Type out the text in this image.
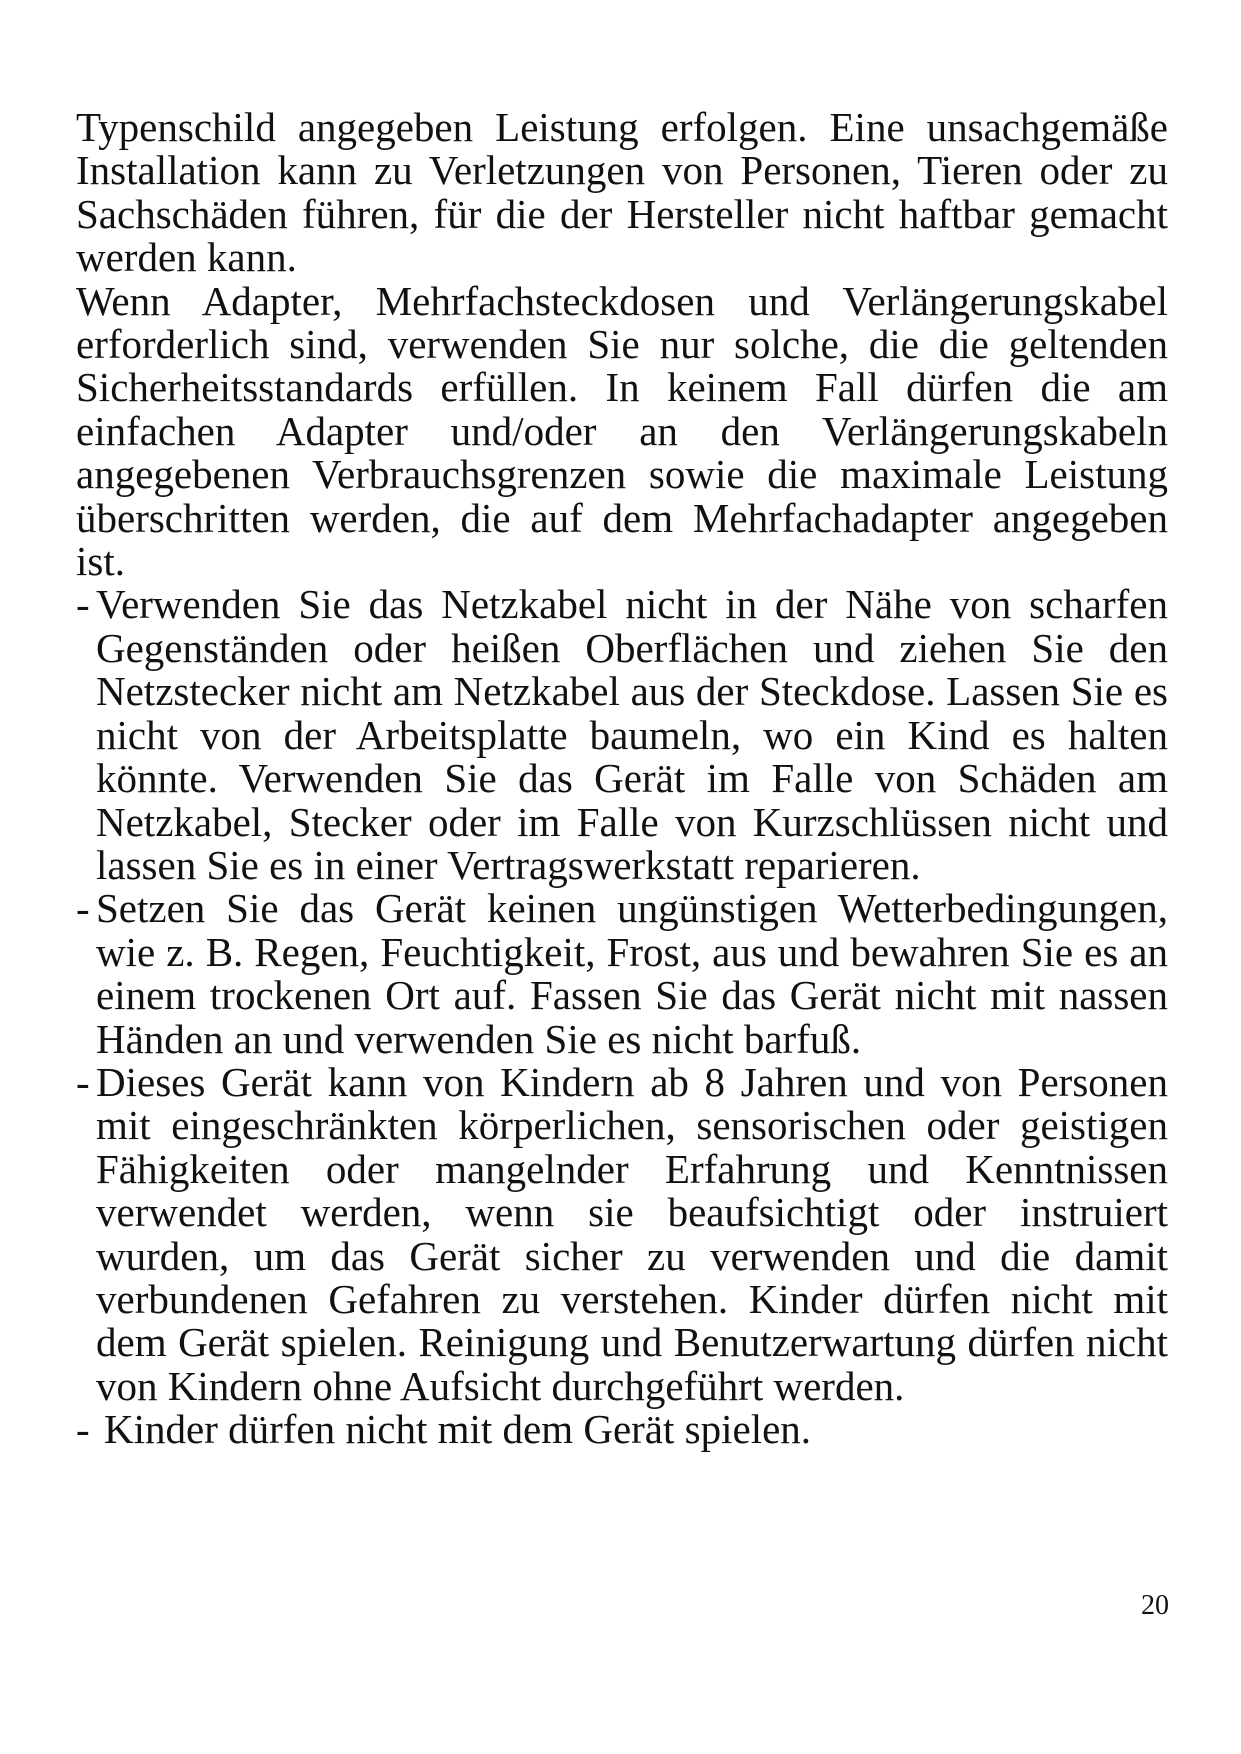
Typenschild angegeben Leistung erfolgen. Eine unsachgemäße Installation kann zu Verletzungen von Personen, Tieren oder zu Sachschäden führen, für die der Hersteller nicht haftbar gemacht werden kann.

Wenn Adapter, Mehrfachsteckdosen und Verlängerungskabel erforderlich sind, verwenden Sie nur solche, die die geltenden Sicherheitsstandards erfüllen. In keinem Fall dürfen die am einfachen Adapter und/oder an den Verlängerungskabeln angegebenen Verbrauchsgrenzen sowie die maximale Leistung überschritten werden, die auf dem Mehrfachadapter angegeben ist.

- Verwenden Sie das Netzkabel nicht in der Nähe von scharfen Gegenständen oder heißen Oberflächen und ziehen Sie den Netzstecker nicht am Netzkabel aus der Steckdose. Lassen Sie es nicht von der Arbeitsplatte baumeln, wo ein Kind es halten könnte. Verwenden Sie das Gerät im Falle von Schäden am Netzkabel, Stecker oder im Falle von Kurzschlüssen nicht und lassen Sie es in einer Vertragswerkstatt reparieren.
- Setzen Sie das Gerät keinen ungünstigen Wetterbedingungen, wie z. B. Regen, Feuchtigkeit, Frost, aus und bewahren Sie es an einem trockenen Ort auf. Fassen Sie das Gerät nicht mit nassen Händen an und verwenden Sie es nicht barfuß.
- Dieses Gerät kann von Kindern ab 8 Jahren und von Personen mit eingeschränkten körperlichen, sensorischen oder geistigen Fähigkeiten oder mangelnder Erfahrung und Kenntnissen verwendet werden, wenn sie beaufsichtigt oder instruiert wurden, um das Gerät sicher zu verwenden und die damit verbundenen Gefahren zu verstehen. Kinder dürfen nicht mit dem Gerät spielen. Reinigung und Benutzerwartung dürfen nicht von Kindern ohne Aufsicht durchgeführt werden.
- Kinder dürfen nicht mit dem Gerät spielen.
20
